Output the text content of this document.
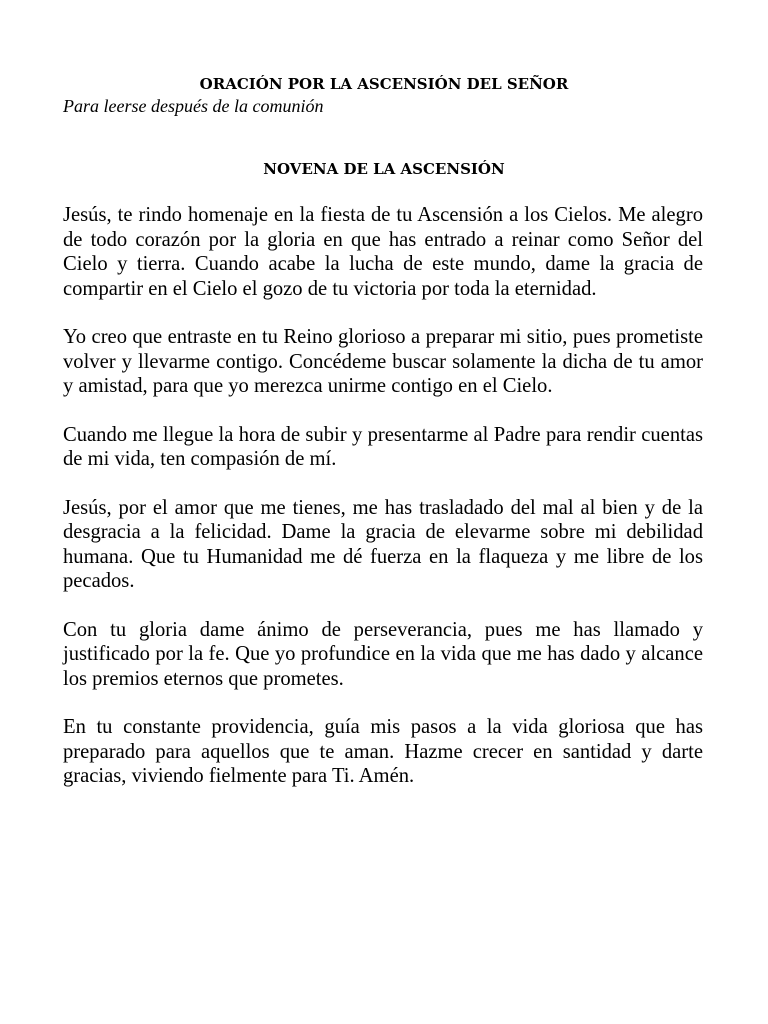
ORACIÓN POR LA ASCENSIÓN DEL SEÑOR
Para leerse después de la comunión
NOVENA DE LA ASCENSIÓN

Jesús, te rindo homenaje en la fiesta de tu Ascensión a los Cielos. Me alegro de todo corazón por la gloria en que has entrado a reinar como Señor del Cielo y tierra. Cuando acabe la lucha de este mundo, dame la gracia de compartir en el Cielo el gozo de tu victoria por toda la eternidad.

Yo creo que entraste en tu Reino glorioso a preparar mi sitio, pues prometiste volver y llevarme contigo. Concédeme buscar solamente la dicha de tu amor y amistad, para que yo merezca unirme contigo en el Cielo.

Cuando me llegue la hora de subir y presentarme al Padre para rendir cuentas de mi vida, ten compasión de mí.

Jesús, por el amor que me tienes, me has trasladado del mal al bien y de la desgracia a la felicidad. Dame la gracia de elevarme sobre mi debilidad humana. Que tu Humanidad me dé fuerza en la flaqueza y me libre de los pecados.

Con tu gloria dame ánimo de perseverancia, pues me has llamado y justificado por la fe. Que yo profundice en la vida que me has dado y alcance los premios eternos que prometes.

En tu constante providencia, guía mis pasos a la vida gloriosa que has preparado para aquellos que te aman. Hazme crecer en santidad y darte gracias, viviendo fielmente para Ti. Amén.
